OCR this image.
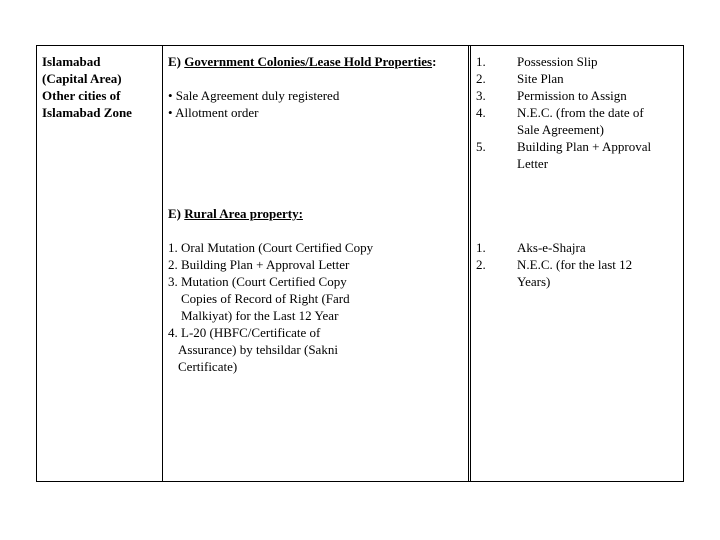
Islamabad
(Capital Area)
Other cities of
Islamabad Zone
E) Government Colonies/Lease Hold Properties:
• Sale Agreement duly registered
• Allotment order
1.
2.
3.
4.
5.
Possession Slip
Site Plan
Permission to Assign
N.E.C. (from the date of
Sale Agreement)
Building Plan + Approval
Letter
E) Rural Area property:
1. Oral Mutation (Court Certified Copy
2. Building Plan + Approval Letter
3. Mutation (Court Certified Copy
Copies of Record of Right (Fard
Malkiyat) for the Last 12 Year
4. L-20 (HBFC/Certificate of
Assurance) by tehsildar (Sakni
Certificate)
1.
2.
Aks-e-Shajra
N.E.C. (for the last 12
Years)
